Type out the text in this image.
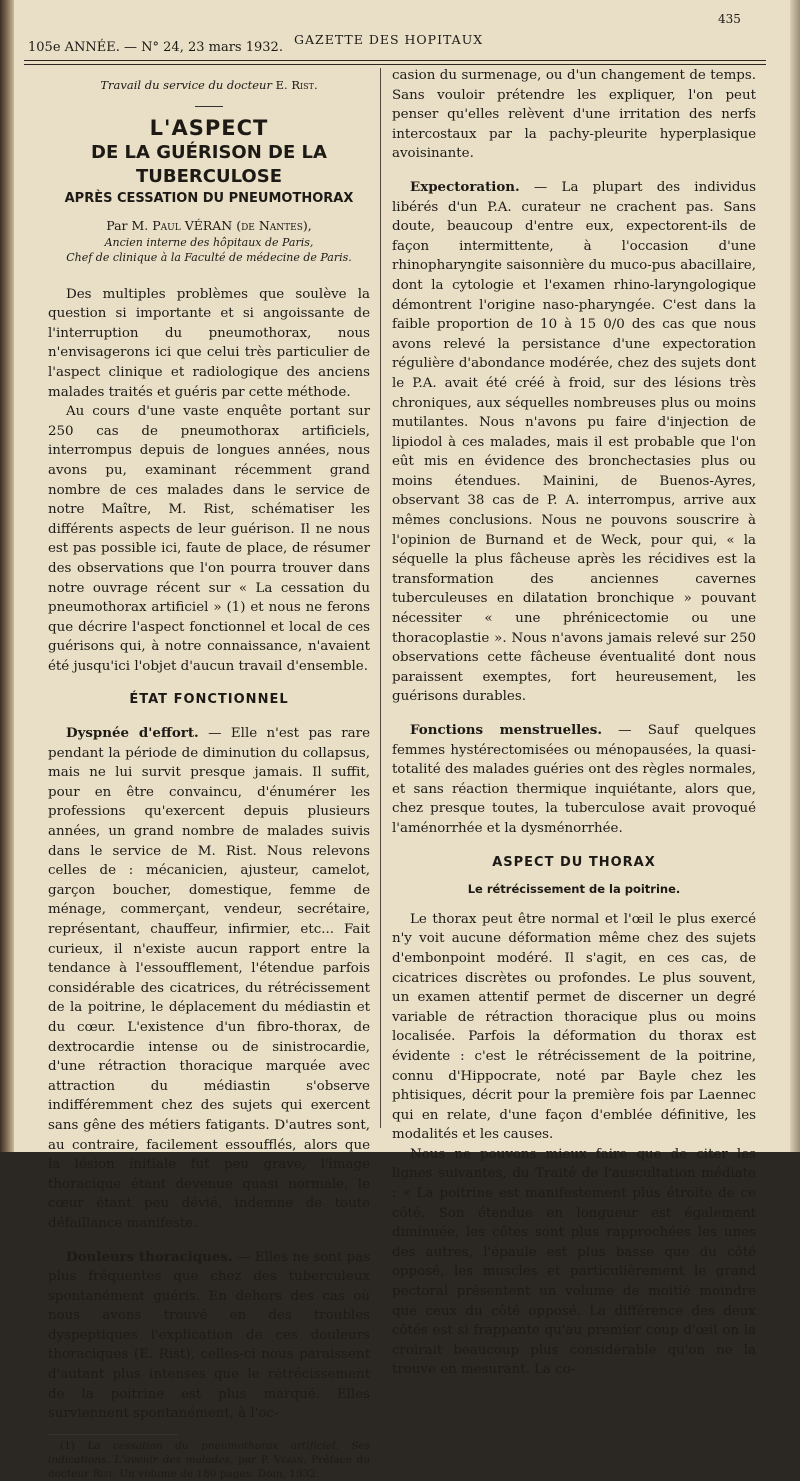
105e ANNÉE. — N° 24, 23 mars 1932.
GAZETTE DES HOPITAUX
435
Travail du service du docteur E. Rist.
L'ASPECT
DE LA GUÉRISON DE LA TUBERCULOSE
APRÈS CESSATION DU PNEUMOTHORAX
Par M. Paul VÉRAN (de Nantes),
Ancien interne des hôpitaux de Paris,
Chef de clinique à la Faculté de médecine de Paris.

Des multiples problèmes que soulève la question si importante et si angoissante de l'interruption du pneumothorax, nous n'envisagerons ici que celui très particulier de l'aspect clinique et radiologique des anciens malades traités et guéris par cette méthode.

Au cours d'une vaste enquête portant sur 250 cas de pneumothorax artificiels, interrompus depuis de longues années, nous avons pu, examinant récemment grand nombre de ces malades dans le service de notre Maître, M. Rist, schématiser les différents aspects de leur guérison. Il ne nous est pas possible ici, faute de place, de résumer des observations que l'on pourra trouver dans notre ouvrage récent sur « La cessation du pneumothorax artificiel » (1) et nous ne ferons que décrire l'aspect fonctionnel et local de ces guérisons qui, à notre connaissance, n'avaient été jusqu'ici l'objet d'aucun travail d'ensemble.

ÉTAT FONCTIONNEL

Dyspnée d'effort. — Elle n'est pas rare pendant la période de diminution du collapsus, mais ne lui survit presque jamais. Il suffit, pour en être convaincu, d'énumérer les professions qu'exercent depuis plusieurs années, un grand nombre de malades suivis dans le service de M. Rist. Nous relevons celles de : mécanicien, ajusteur, camelot, garçon boucher, domestique, femme de ménage, commerçant, vendeur, secrétaire, représentant, chauffeur, infirmier, etc... Fait curieux, il n'existe aucun rapport entre la tendance à l'essoufflement, l'étendue parfois considérable des cicatrices, du rétrécissement de la poitrine, le déplacement du médiastin et du cœur. L'existence d'un fibro-thorax, de dextrocardie intense ou de sinistrocardie, d'une rétraction thoracique marquée avec attraction du médiastin s'observe indifféremment chez des sujets qui exercent sans gêne des métiers fatigants. D'autres sont, au contraire, facilement essoufflés, alors que la lésion initiale fut peu grave, l'image thoracique étant devenue quasi normale, le cœur étant peu dévié, indemne de toute défaillance manifeste.

Douleurs thoraciques. — Elles ne sont pas plus fréquentes que chez des tuberculeux spontanément guéris. En dehors des cas où nous avons trouvé en des troubles dyspeptiques l'explication de ces douleurs thoraciques (E. Rist), celles-ci nous paraissent d'autant plus intenses que le rétrécissement de la poitrine est plus marqué. Elles surviennent spontanément, à l'oc-

(1) La cessation du pneumothorax artificiel. Ses indications. L'avenir des malades, par P. Véran. Préface du docteur Rist. Un volume de 180 pages. Doin, 1932.

casion du surmenage, ou d'un changement de temps. Sans vouloir prétendre les expliquer, l'on peut penser qu'elles relèvent d'une irritation des nerfs intercostaux par la pachy-pleurite hyperplasique avoisinante.

Expectoration. — La plupart des individus libérés d'un P.A. curateur ne crachent pas. Sans doute, beaucoup d'entre eux, expectorent-ils de façon intermittente, à l'occasion d'une rhinopharyngite saisonnière du muco-pus abacillaire, dont la cytologie et l'examen rhino-laryngologique démontrent l'origine naso-pharyngée. C'est dans la faible proportion de 10 à 15 0/0 des cas que nous avons relevé la persistance d'une expectoration régulière d'abondance modérée, chez des sujets dont le P.A. avait été créé à froid, sur des lésions très chroniques, aux séquelles nombreuses plus ou moins mutilantes. Nous n'avons pu faire d'injection de lipiodol à ces malades, mais il est probable que l'on eût mis en évidence des bronchectasies plus ou moins étendues. Mainini, de Buenos-Ayres, observant 38 cas de P. A. interrompus, arrive aux mêmes conclusions. Nous ne pouvons souscrire à l'opinion de Burnand et de Weck, pour qui, « la séquelle la plus fâcheuse après les récidives est la transformation des anciennes cavernes tuberculeuses en dilatation bronchique » pouvant nécessiter « une phrénicectomie ou une thoracoplastie ». Nous n'avons jamais relevé sur 250 observations cette fâcheuse éventualité dont nous paraissent exemptes, fort heureusement, les guérisons durables.

Fonctions menstruelles. — Sauf quelques femmes hystérectomisées ou ménopausées, la quasi-totalité des malades guéries ont des règles normales, et sans réaction thermique inquiétante, alors que, chez presque toutes, la tuberculose avait provoqué l'aménorrhée et la dysménorrhée.

ASPECT DU THORAX
Le rétrécissement de la poitrine.

Le thorax peut être normal et l'œil le plus exercé n'y voit aucune déformation même chez des sujets d'embonpoint modéré. Il s'agit, en ces cas, de cicatrices discrètes ou profondes. Le plus souvent, un examen attentif permet de discerner un degré variable de rétraction thoracique plus ou moins localisée. Parfois la déformation du thorax est évidente : c'est le rétrécissement de la poitrine, connu d'Hippocrate, noté par Bayle chez les phtisiques, décrit pour la première fois par Laennec qui en relate, d'une façon d'emblée définitive, les modalités et les causes.

Nous ne pouvons mieux faire que de citer les lignes suivantes, du Traité de l'auscultation médiate : « La poitrine est manifestement plus étroite de ce côté. Son étendue en longueur est également diminuée, les côtes sont plus rapprochées les unes des autres, l'épaule est plus basse que du côté opposé, les muscles et particulièrement le grand pectoral présentent un volume de moitié moindre que ceux du côté opposé. La différence des deux côtés est si frappante qu'au premier coup d'œil on la croirait beaucoup plus considérable qu'on ne la trouve en mesurant. La co-
